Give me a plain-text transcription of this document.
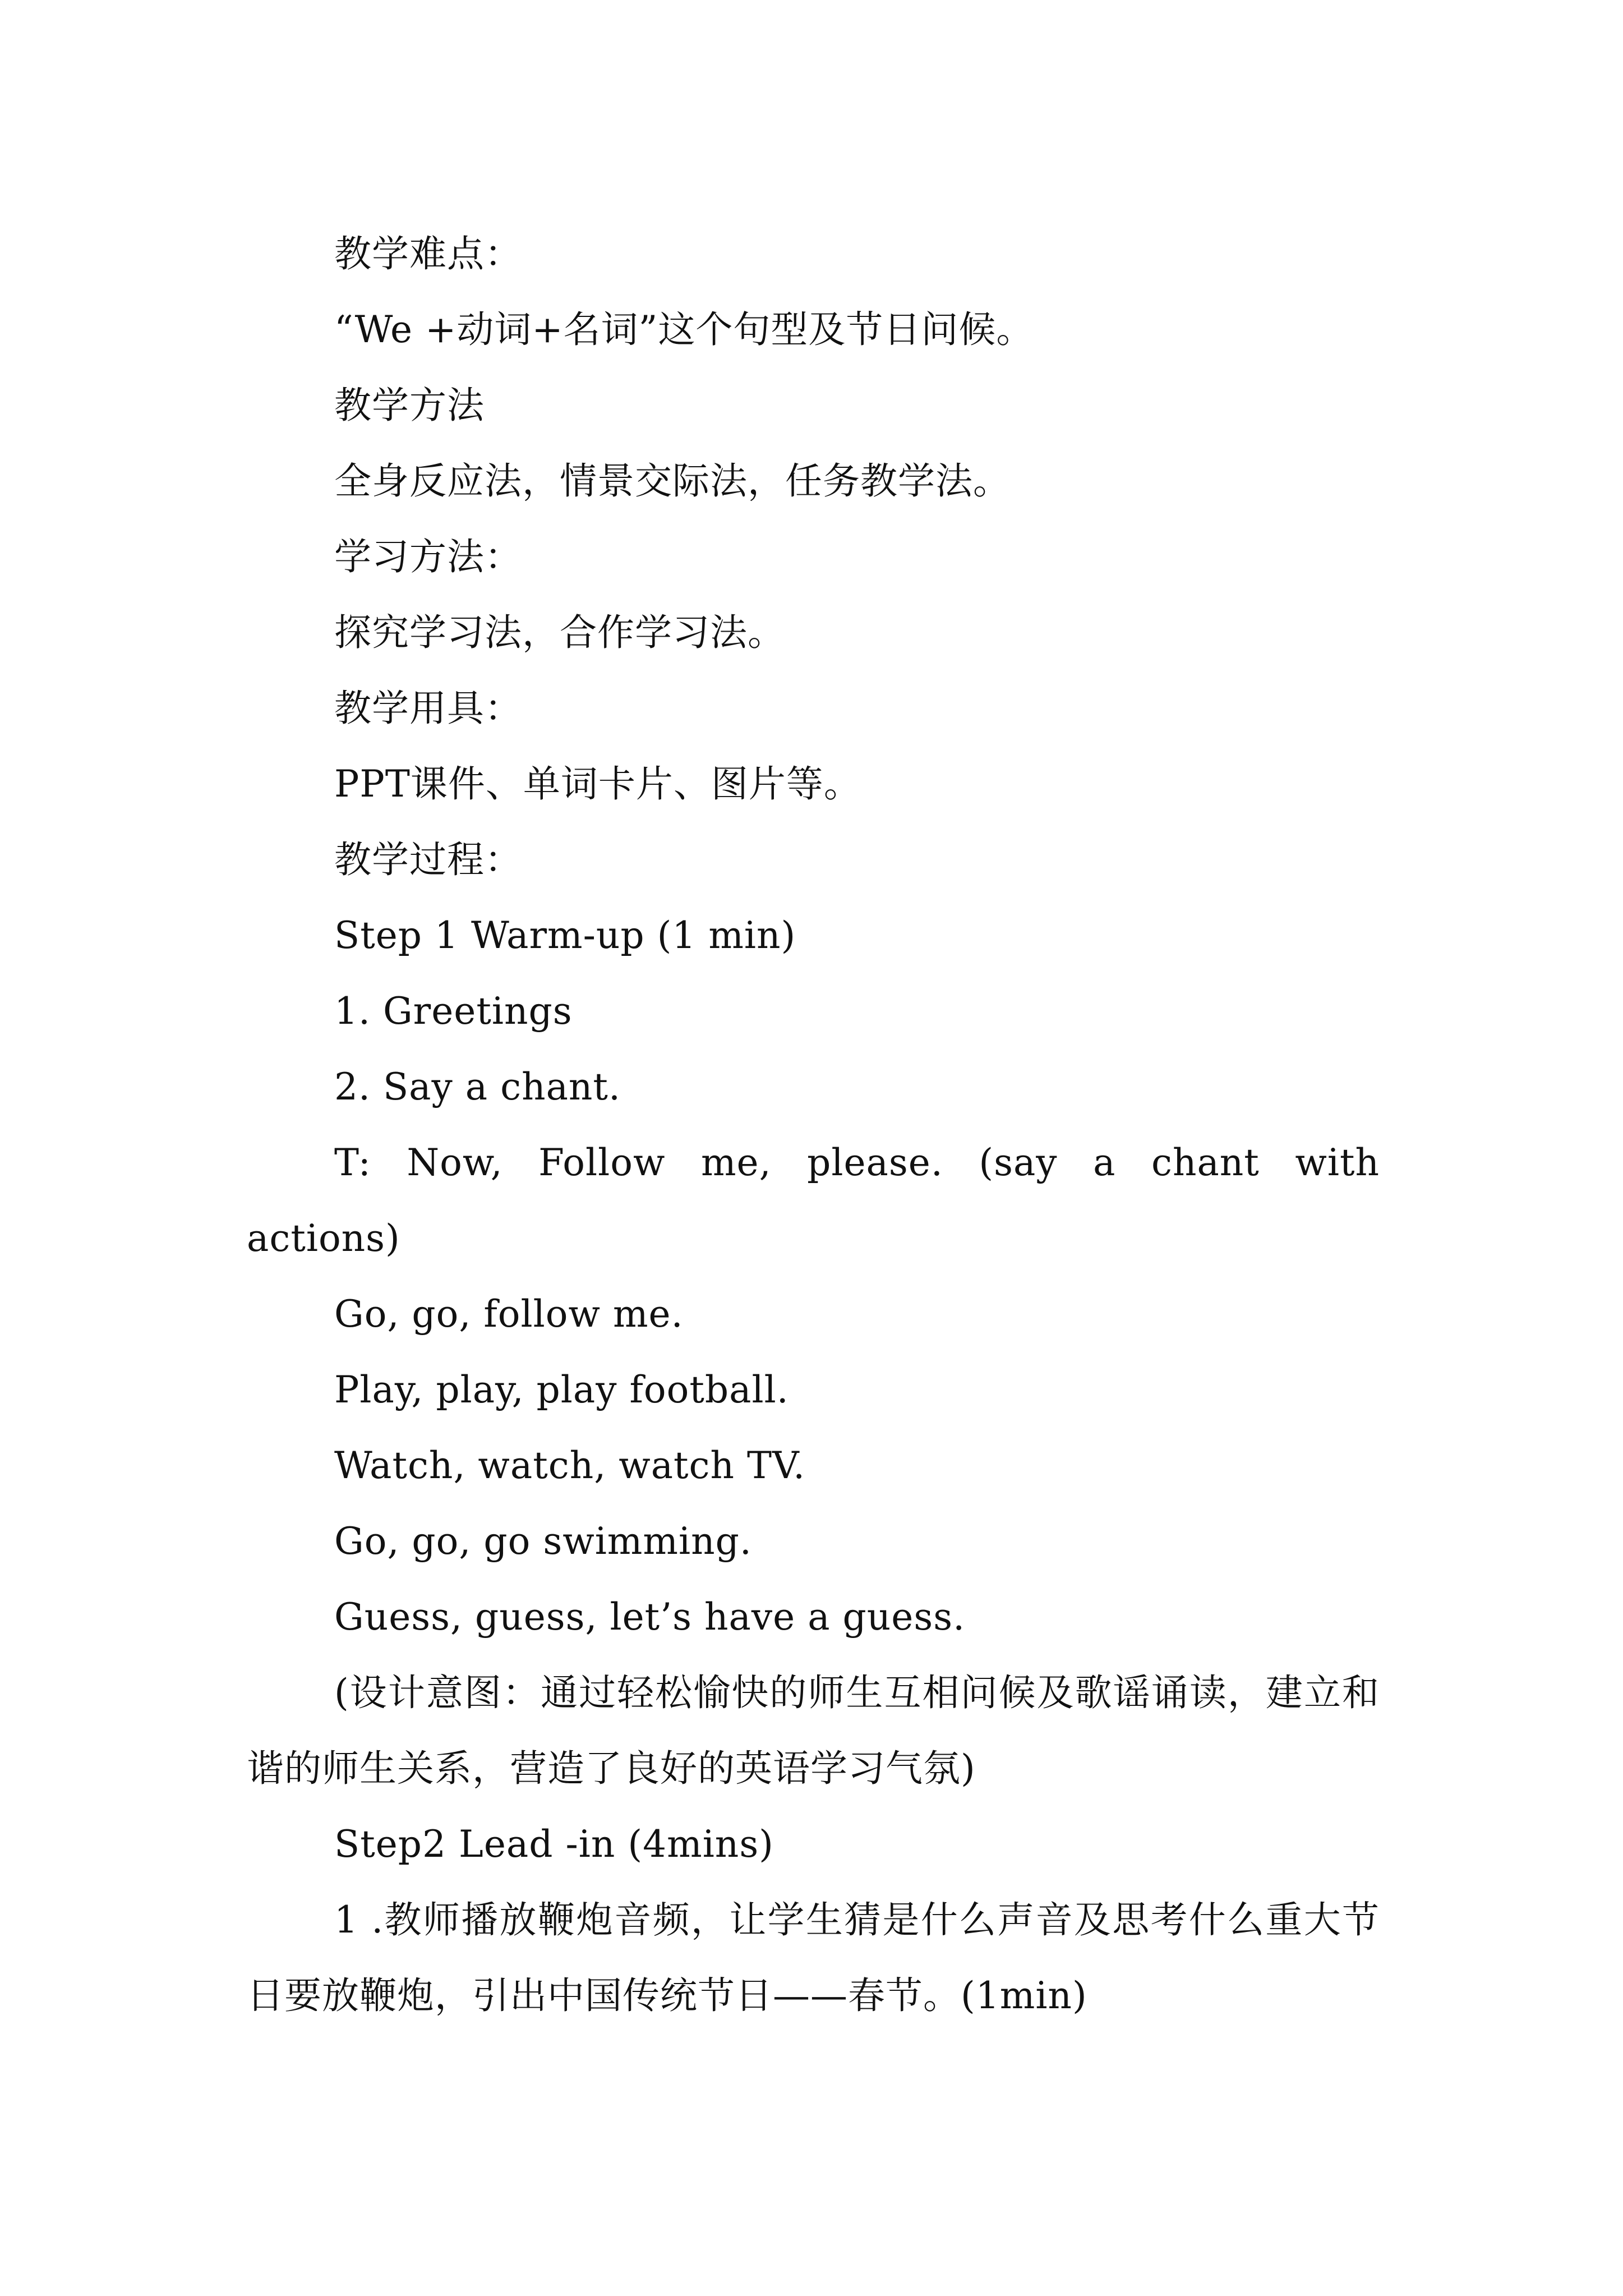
教学难点：

“We +动词+名词”这个句型及节日问候。

教学方法

全身反应法，情景交际法，任务教学法。

学习方法：

探究学习法，合作学习法。

教学用具：

PPT课件、单词卡片、图片等。

教学过程：

Step 1 Warm-up (1 min)

1. Greetings

2. Say a chant.

T: Now, Follow me, please. (say a chant with actions)

Go, go, follow me.

Play, play, play football.

Watch, watch, watch TV.

Go, go, go swimming.

Guess, guess, let’s have a guess.

(设计意图：通过轻松愉快的师生互相问候及歌谣诵读，建立和谐的师生关系，营造了良好的英语学习气氛)

Step2 Lead -in (4mins)

1 .教师播放鞭炮音频，让学生猜是什么声音及思考什么重大节日要放鞭炮，引出中国传统节日——春节。(1min)
